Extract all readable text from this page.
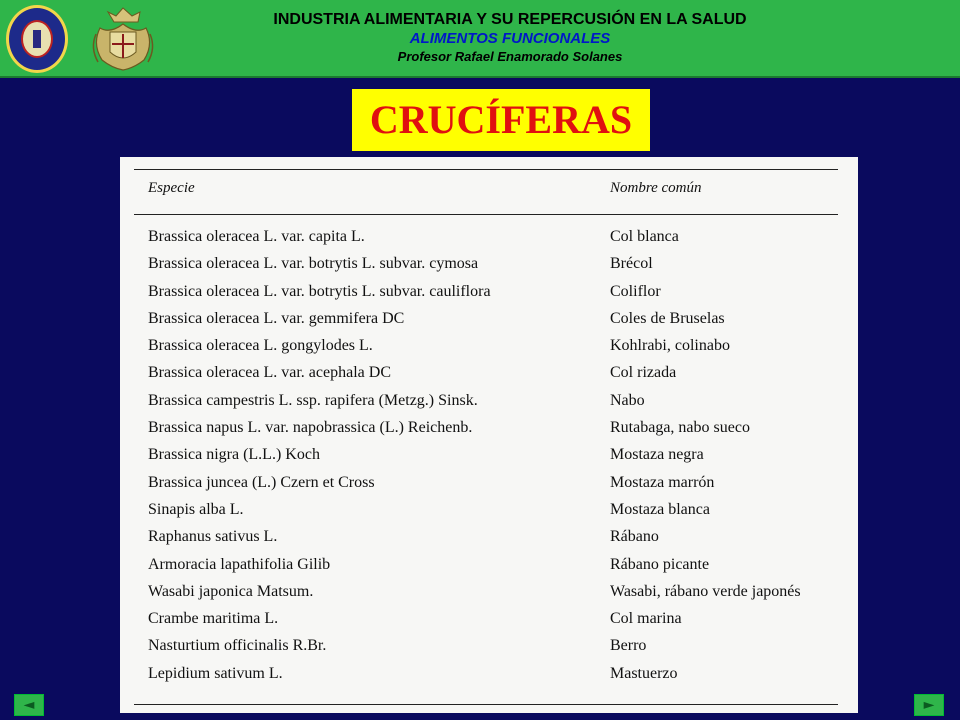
INDUSTRIA ALIMENTARIA Y SU REPERCUSIÓN EN LA SALUD
ALIMENTOS FUNCIONALES
Profesor Rafael Enamorado Solanes
CRUCÍFERAS
Especie	Nombre común
Brassica oleracea L. var. capita L.	Col blanca
Brassica oleracea L. var. botrytis L. subvar. cymosa	Brécol
Brassica oleracea L. var. botrytis L. subvar. cauliflora	Coliflor
Brassica oleracea L. var. gemmifera DC	Coles de Bruselas
Brassica oleracea L. gongylodes L.	Kohlrabi, colinabo
Brassica oleracea L. var. acephala DC	Col rizada
Brassica campestris L. ssp. rapifera (Metzg.) Sinsk.	Nabo
Brassica napus L. var. napobrassica (L.) Reichenb.	Rutabaga, nabo sueco
Brassica nigra (L.L.) Koch	Mostaza negra
Brassica juncea (L.) Czern et Cross	Mostaza marrón
Sinapis alba L.	Mostaza blanca
Raphanus sativus L.	Rábano
Armoracia lapathifolia Gilib	Rábano picante
Wasabi japonica Matsum.	Wasabi, rábano verde japonés
Crambe maritima L.	Col marina
Nasturtium officinalis R.Br.	Berro
Lepidium sativum L.	Mastuerzo
◄	►
